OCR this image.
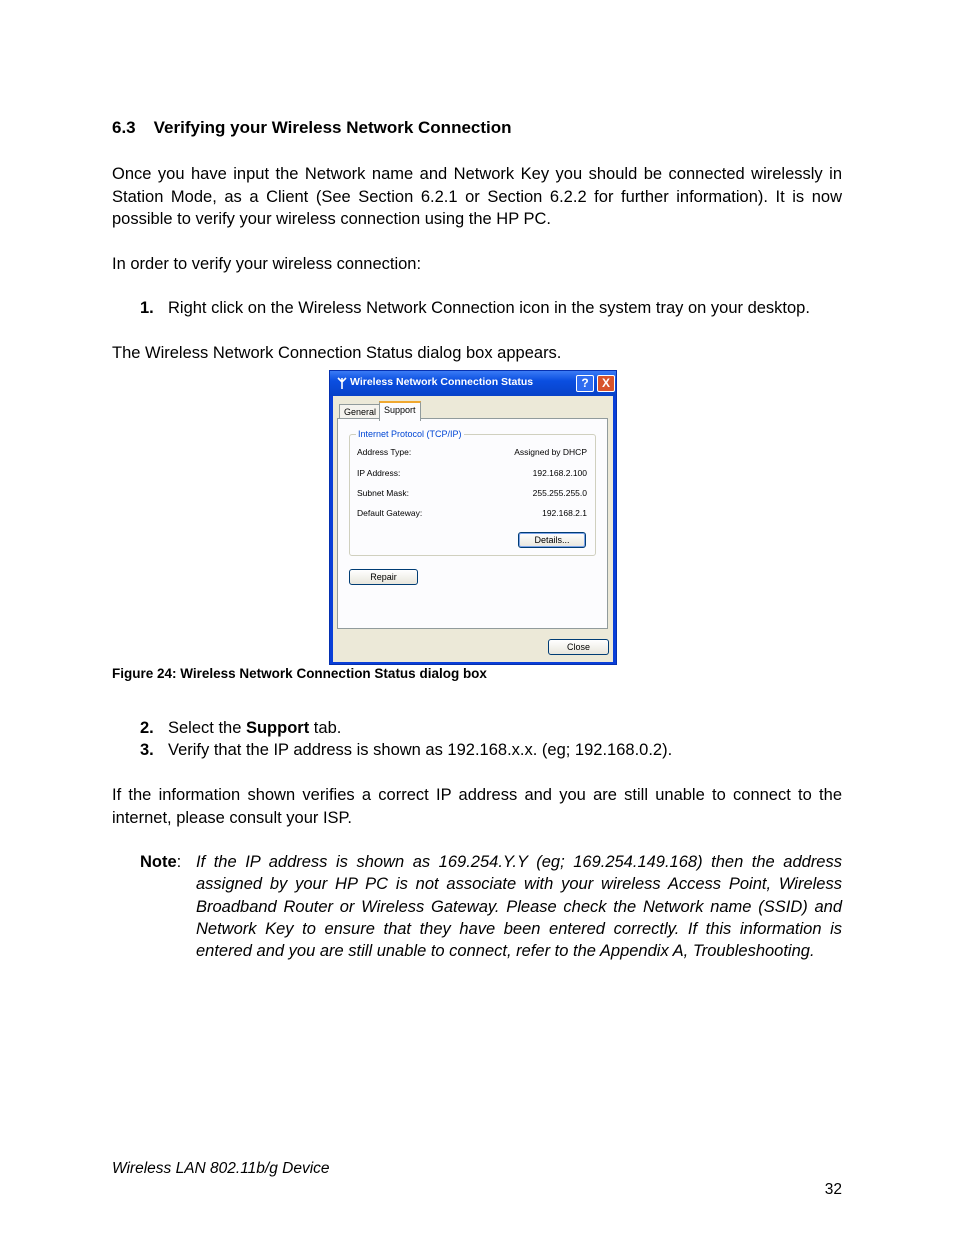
6.3 Verifying your Wireless Network Connection
Once you have input the Network name and Network Key you should be connected wirelessly in Station Mode, as a Client (See Section 6.2.1 or Section 6.2.2 for further information). It is now possible to verify your wireless connection using the HP PC.
In order to verify your wireless connection:
1. Right click on the Wireless Network Connection icon in the system tray on your desktop.
The Wireless Network Connection Status dialog box appears.
Wireless Network Connection Status	?	X
General Support
Internet Protocol (TCP/IP)
Address Type:	Assigned by DHCP
IP Address:	192.168.2.100
Subnet Mask:	255.255.255.0
Default Gateway:	192.168.2.1
Details...
Repair
Close
Figure 24: Wireless Network Connection Status dialog box
2. Select the Support tab.
3. Verify that the IP address is shown as 192.168.x.x. (eg; 192.168.0.2).
If the information shown verifies a correct IP address and you are still unable to connect to the internet, please consult your ISP.
Note: If the IP address is shown as 169.254.Y.Y (eg; 169.254.149.168) then the address assigned by your HP PC is not associate with your wireless Access Point, Wireless Broadband Router or Wireless Gateway. Please check the Network name (SSID) and Network Key to ensure that they have been entered correctly. If this information is entered and you are still unable to connect, refer to the Appendix A, Troubleshooting.
Wireless LAN 802.11b/g Device
32
